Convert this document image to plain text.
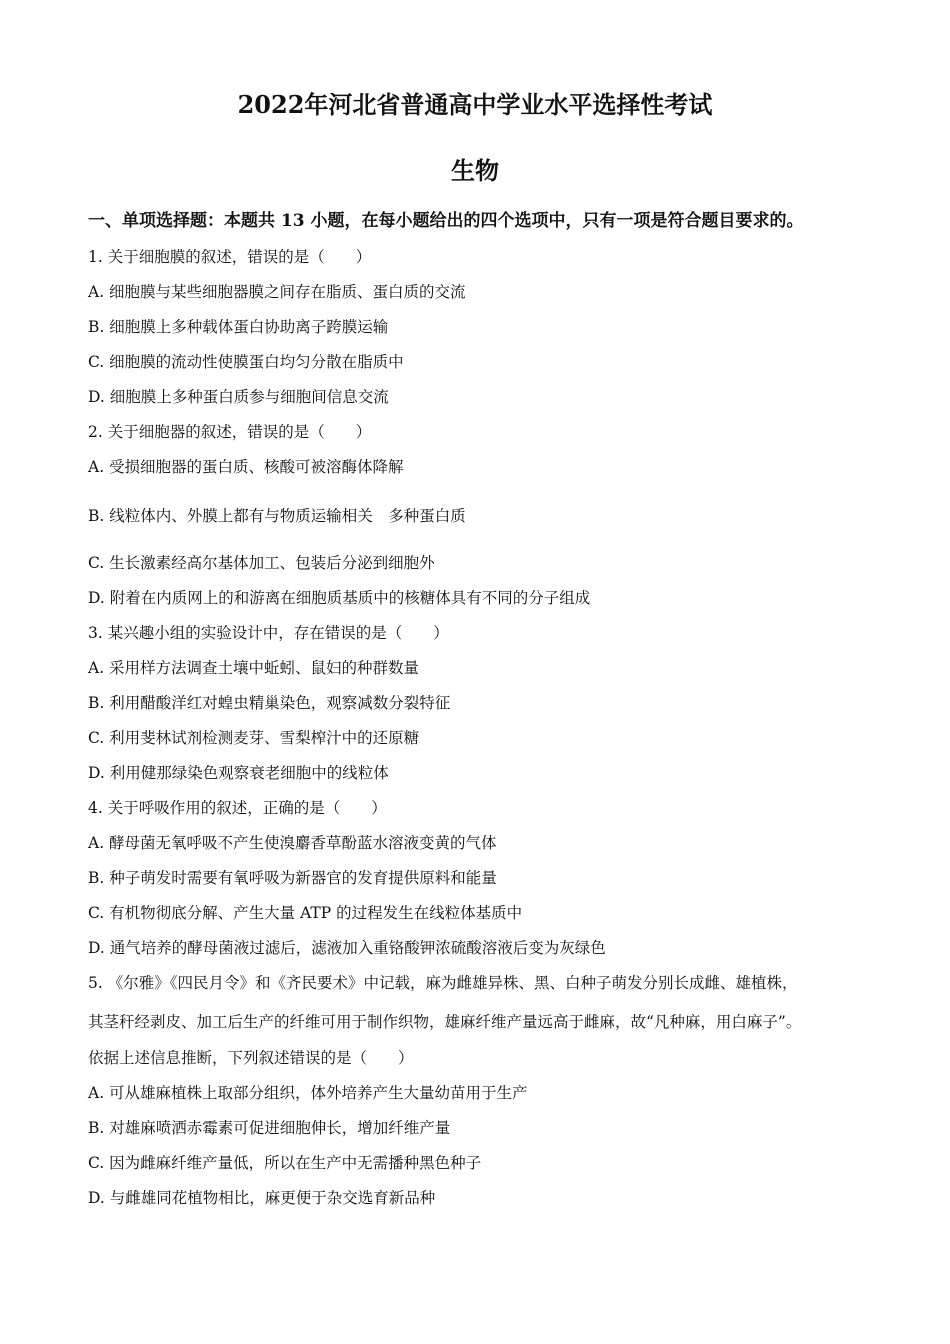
2022年河北省普通高中学业水平选择性考试
生物
一、单项选择题：本题共 13 小题，在每小题给出的四个选项中，只有一项是符合题目要求的。
1. 关于细胞膜的叙述，错误的是（　　）
A. 细胞膜与某些细胞器膜之间存在脂质、蛋白质的交流
B. 细胞膜上多种载体蛋白协助离子跨膜运输
C. 细胞膜的流动性使膜蛋白均匀分散在脂质中
D. 细胞膜上多种蛋白质参与细胞间信息交流
2. 关于细胞器的叙述，错误的是（　　）
A. 受损细胞器的蛋白质、核酸可被溶酶体降解
B. 线粒体内、外膜上都有与物质运输相关　多种蛋白质
C. 生长激素经高尔基体加工、包装后分泌到细胞外
D. 附着在内质网上的和游离在细胞质基质中的核糖体具有不同的分子组成
3. 某兴趣小组的实验设计中，存在错误的是（　　）
A. 采用样方法调查土壤中蚯蚓、鼠妇的种群数量
B. 利用醋酸洋红对蝗虫精巢染色，观察减数分裂特征
C. 利用斐林试剂检测麦芽、雪梨榨汁中的还原糖
D. 利用健那绿染色观察衰老细胞中的线粒体
4. 关于呼吸作用的叙述，正确的是（　　）
A. 酵母菌无氧呼吸不产生使溴麝香草酚蓝水溶液变黄的气体
B. 种子萌发时需要有氧呼吸为新器官的发育提供原料和能量
C. 有机物彻底分解、产生大量 ATP 的过程发生在线粒体基质中
D. 通气培养的酵母菌液过滤后，滤液加入重铬酸钾浓硫酸溶液后变为灰绿色
5. 《尔雅》《四民月令》和《齐民要术》中记载，麻为雌雄异株、黑、白种子萌发分别长成雌、雄植株，
其茎秆经剥皮、加工后生产的纤维可用于制作织物，雄麻纤维产量远高于雌麻，故“凡种麻，用白麻子”。
依据上述信息推断，下列叙述错误的是（　　）
A. 可从雄麻植株上取部分组织，体外培养产生大量幼苗用于生产
B. 对雄麻喷洒赤霉素可促进细胞伸长，增加纤维产量
C. 因为雌麻纤维产量低，所以在生产中无需播种黑色种子
D. 与雌雄同花植物相比，麻更便于杂交选育新品种
